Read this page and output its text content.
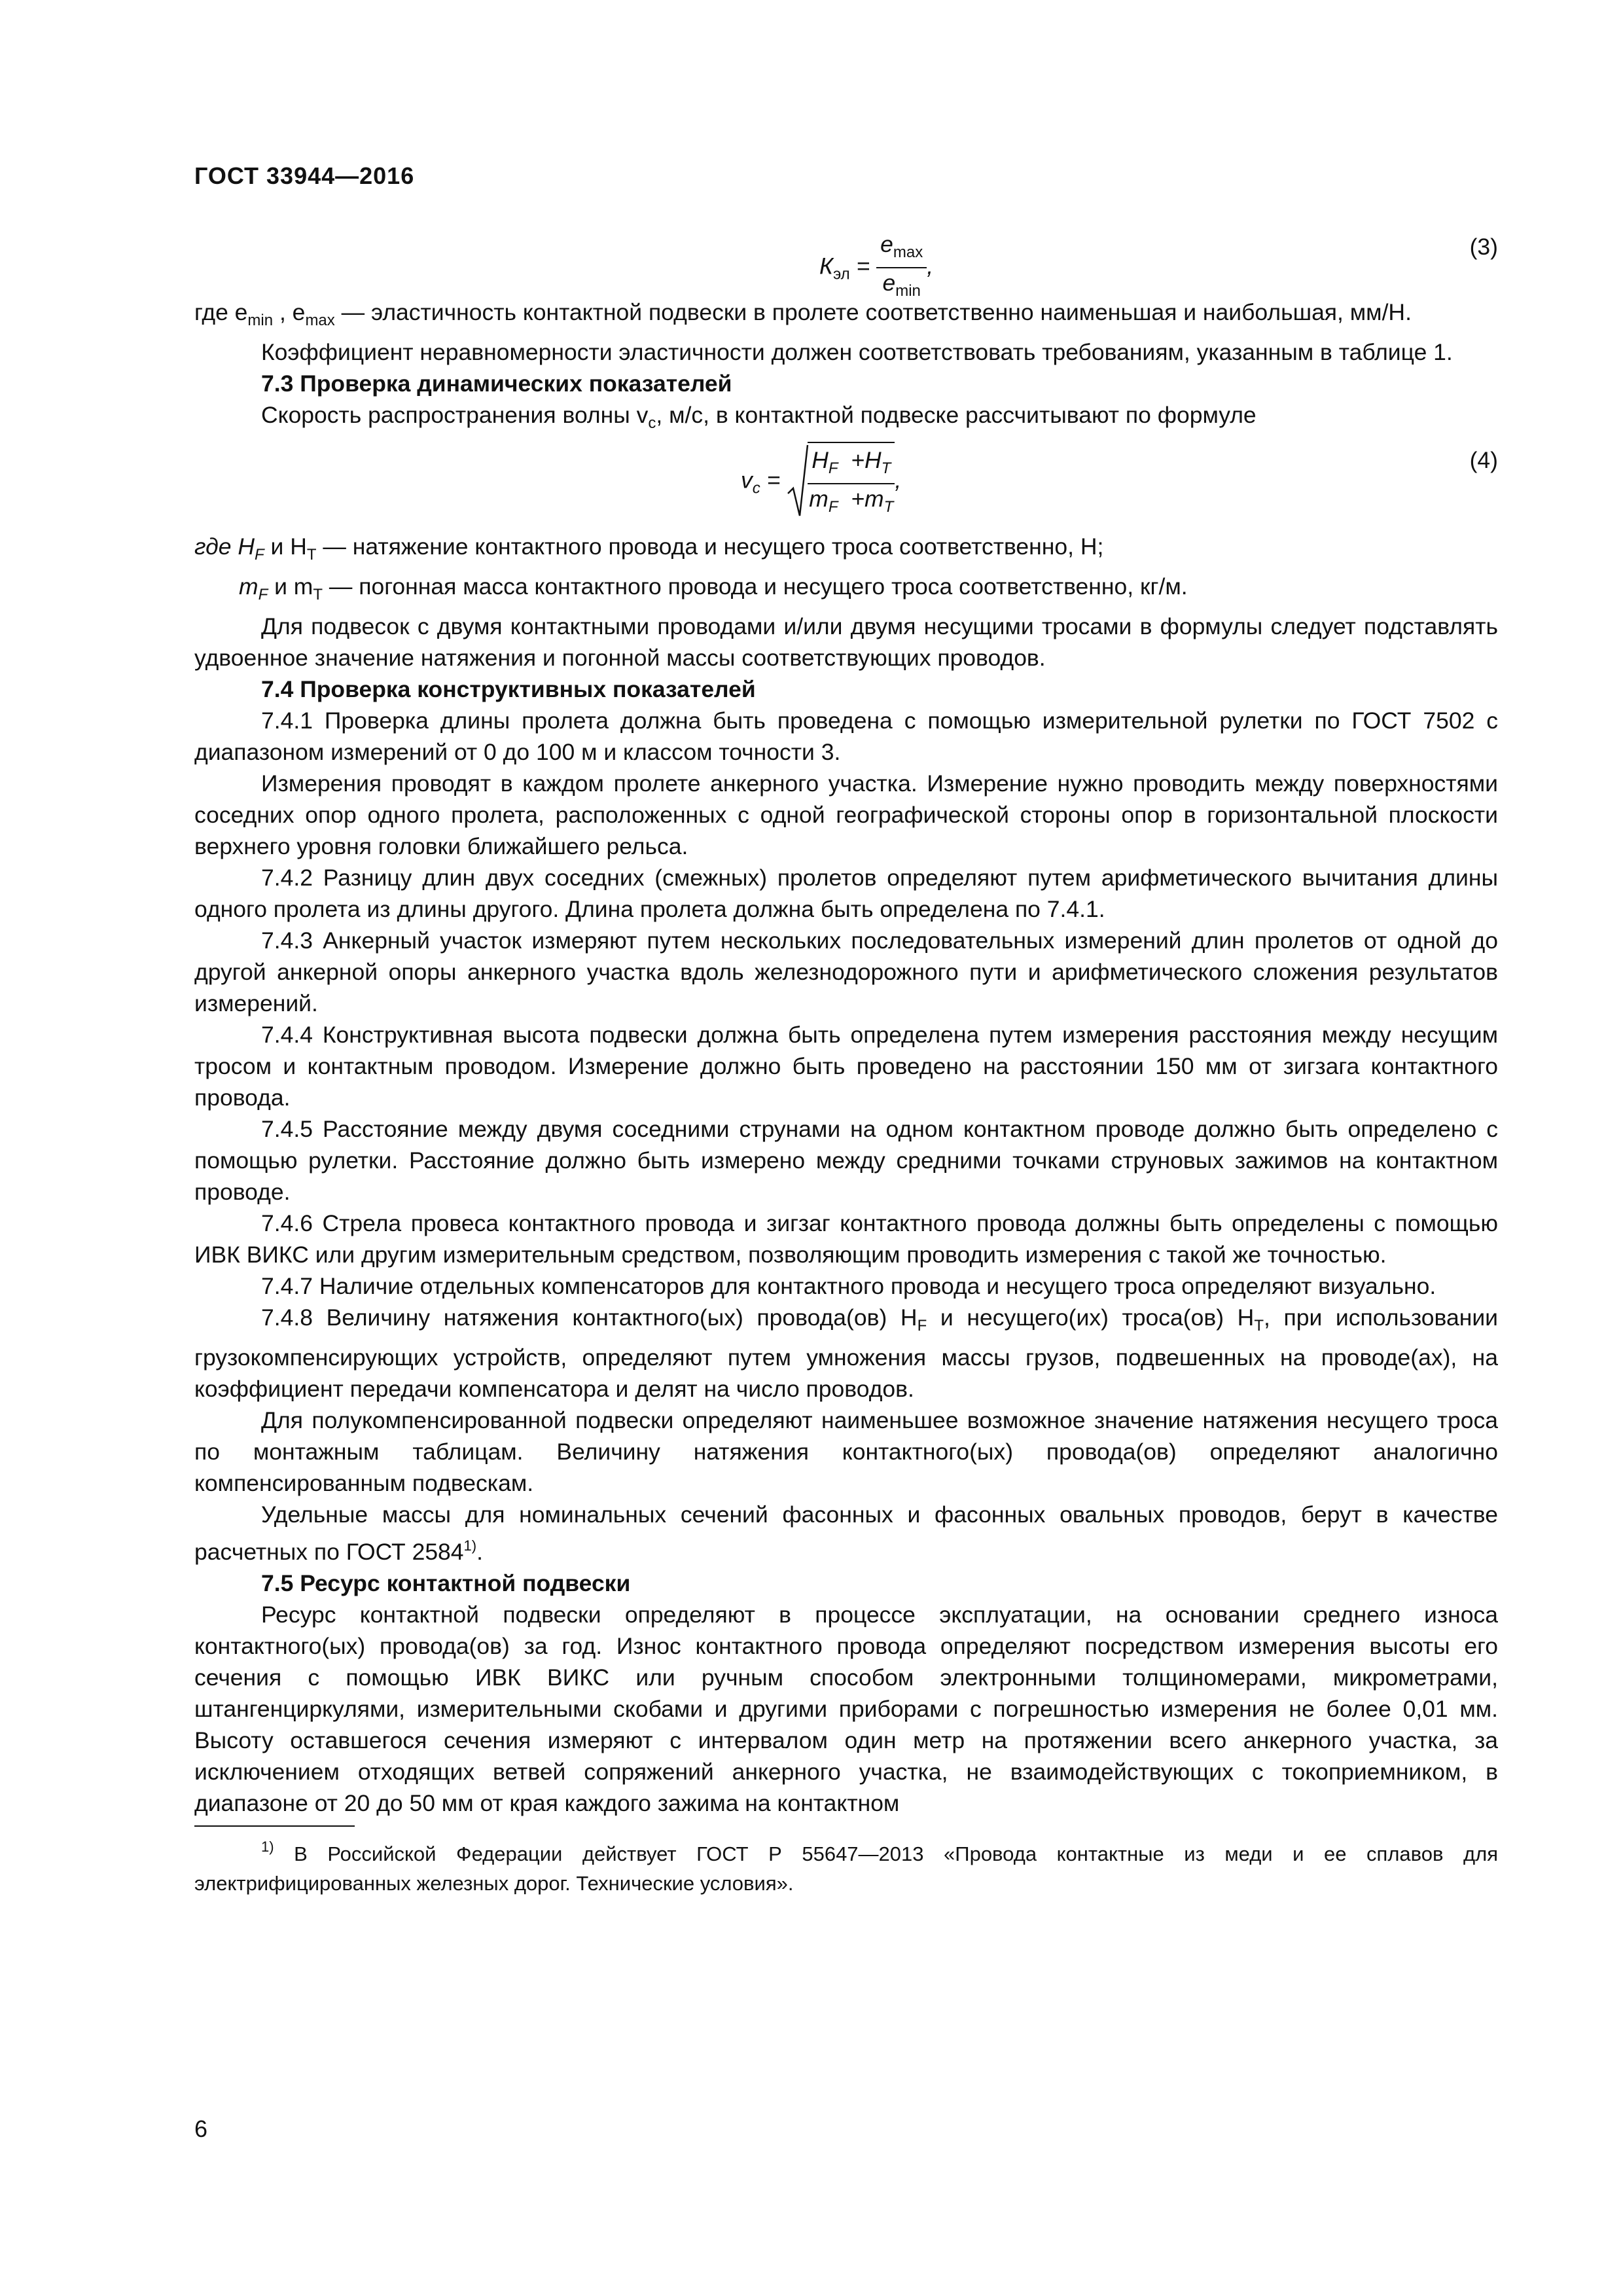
ГОСТ 33944—2016
$К_{эл} = \frac{e_{max}}{e_{min}}$ ,
(3)

где $e_{min}$ , $e_{max}$ — эластичность контактной подвески в пролете соответственно наименьшая и наибольшая, мм/Н.

Коэффициент неравномерности эластичности должен соответствовать требованиям, указанным в таблице 1.

7.3 Проверка динамических показателей

Скорость распространения волны $v_c$, м/с, в контактной подвеске рассчитывают по формуле

$v_c = \frac{H_F +H_T}{m_F +m_T}$ ,
(4)

где $H_F$ и $H_T$ — натяжение контактного провода и несущего троса соответственно, Н;

$m_F$ и $m_T$ — погонная масса контактного провода и несущего троса соответственно, кг/м.

Для подвесок с двумя контактными проводами и/или двумя несущими тросами в формулы следует подставлять удвоенное значение натяжения и погонной массы соответствующих проводов.

7.4 Проверка конструктивных показателей

7.4.1 Проверка длины пролета должна быть проведена с помощью измерительной рулетки по ГОСТ 7502 с диапазоном измерений от 0 до 100 м и классом точности 3.

Измерения проводят в каждом пролете анкерного участка. Измерение нужно проводить между поверхностями соседних опор одного пролета, расположенных с одной географической стороны опор в горизонтальной плоскости верхнего уровня головки ближайшего рельса.

7.4.2 Разницу длин двух соседних (смежных) пролетов определяют путем арифметического вычитания длины одного пролета из длины другого. Длина пролета должна быть определена по 7.4.1.

7.4.3 Анкерный участок измеряют путем нескольких последовательных измерений длин пролетов от одной до другой анкерной опоры анкерного участка вдоль железнодорожного пути и арифметического сложения результатов измерений.

7.4.4 Конструктивная высота подвески должна быть определена путем измерения расстояния между несущим тросом и контактным проводом. Измерение должно быть проведено на расстоянии 150 мм от зигзага контактного провода.

7.4.5 Расстояние между двумя соседними струнами на одном контактном проводе должно быть определено с помощью рулетки. Расстояние должно быть измерено между средними точками струновых зажимов на контактном проводе.

7.4.6 Стрела провеса контактного провода и зигзаг контактного провода должны быть определены с помощью ИВК ВИКС или другим измерительным средством, позволяющим проводить измерения с такой же точностью.

7.4.7 Наличие отдельных компенсаторов для контактного провода и несущего троса определяют визуально.

7.4.8 Величину натяжения контактного(ых) провода(ов) $H_F$ и несущего(их) троса(ов) $H_T$, при использовании грузокомпенсирующих устройств, определяют путем умножения массы грузов, подвешенных на проводе(ах), на коэффициент передачи компенсатора и делят на число проводов.

Для полукомпенсированной подвески определяют наименьшее возможное значение натяжения несущего троса по монтажным таблицам. Величину натяжения контактного(ых) провода(ов) определяют аналогично компенсированным подвескам.

Удельные массы для номинальных сечений фасонных и фасонных овальных проводов, берут в качестве расчетных по ГОСТ 2584$^{1)}$.

7.5 Ресурс контактной подвески

Ресурс контактной подвески определяют в процессе эксплуатации, на основании среднего износа контактного(ых) провода(ов) за год. Износ контактного провода определяют посредством измерения высоты его сечения с помощью ИВК ВИКС или ручным способом электронными толщиномерами, микрометрами, штангенциркулями, измерительными скобами и другими приборами с погрешностью измерения не более 0,01 мм. Высоту оставшегося сечения измеряют с интервалом один метр на протяжении всего анкерного участка, за исключением отходящих ветвей сопряжений анкерного участка, не взаимодействующих с токоприемником, в диапазоне от 20 до 50 мм от края каждого зажима на контактном

$^{1)}$ В Российской Федерации действует ГОСТ Р 55647—2013 «Провода контактные из меди и ее сплавов для электрифицированных железных дорог. Технические условия».

6
